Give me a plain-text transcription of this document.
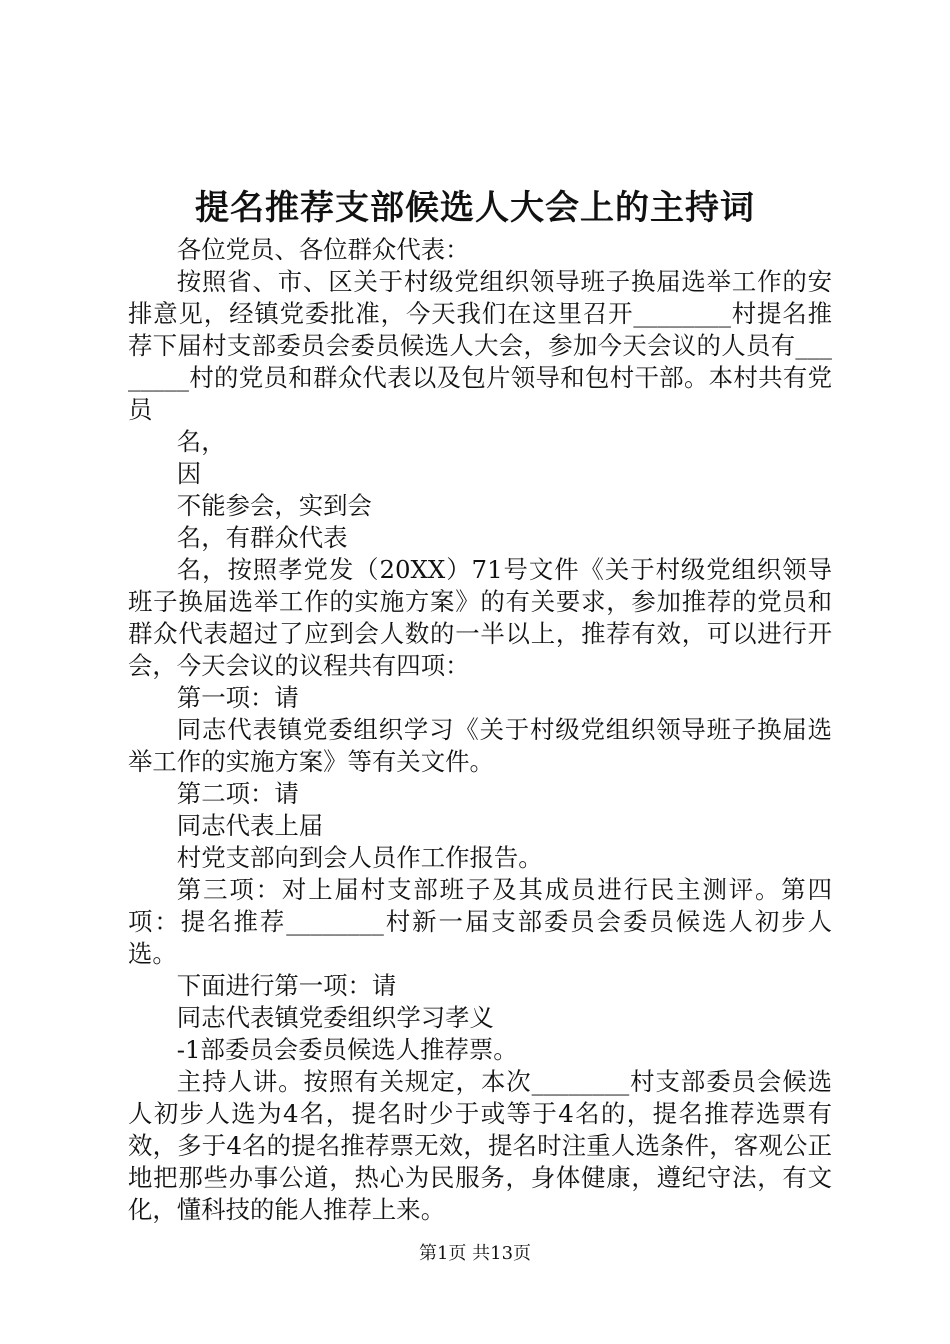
提名推荐支部候选人大会上的主持词

各位党员、各位群众代表：

按照省、市、区关于村级党组织领导班子换届选举工作的安排意见，经镇党委批准，今天我们在这里召开________村提名推荐下届村支部委员会委员候选人大会，参加今天会议的人员有________村的党员和群众代表以及包片领导和包村干部。本村共有党员

名，

因

不能参会，实到会

名，有群众代表

名，按照孝党发（20XX）71号文件《关于村级党组织领导班子换届选举工作的实施方案》的有关要求，参加推荐的党员和群众代表超过了应到会人数的一半以上，推荐有效，可以进行开会，今天会议的议程共有四项：

第一项：请

同志代表镇党委组织学习《关于村级党组织领导班子换届选举工作的实施方案》等有关文件。

第二项：请

同志代表上届

村党支部向到会人员作工作报告。

第三项：对上届村支部班子及其成员进行民主测评。第四项：提名推荐________村新一届支部委员会委员候选人初步人选。

下面进行第一项：请

同志代表镇党委组织学习孝义

-1部委员会委员候选人推荐票。

主持人讲。按照有关规定，本次________村支部委员会候选人初步人选为4名，提名时少于或等于4名的，提名推荐选票有效，多于4名的提名推荐票无效，提名时注重人选条件，客观公正地把那些办事公道，热心为民服务，身体健康，遵纪守法，有文化，懂科技的能人推荐上来。

第1页 共13页
